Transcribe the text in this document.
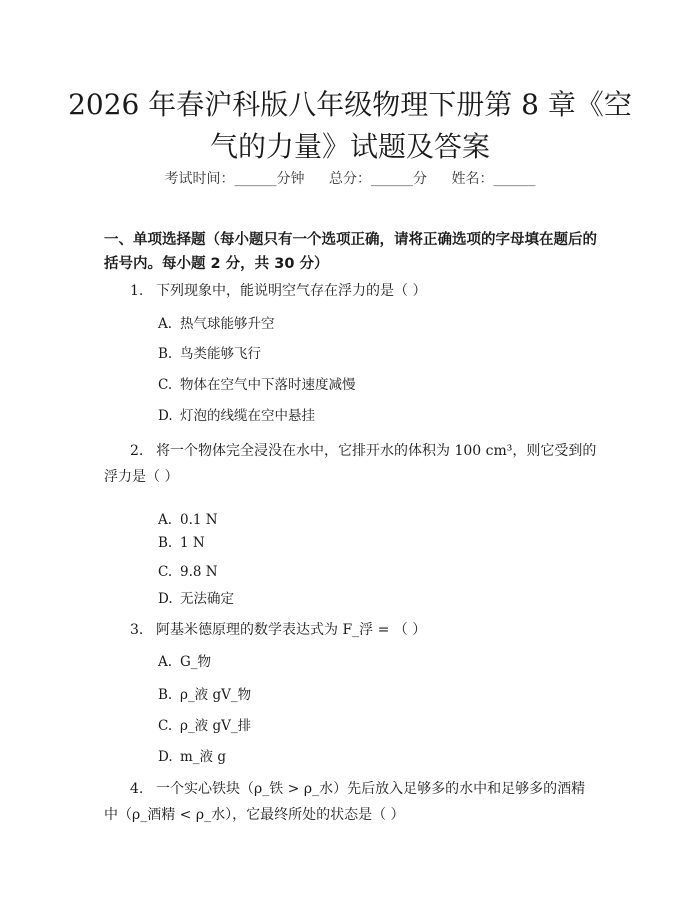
2026 年春沪科版八年级物理下册第 8 章《空气的力量》试题及答案
考试时间：______分钟 总分：______分 姓名：______
一、单项选择题（每小题只有一个选项正确，请将正确选项的字母填在题后的括号内。每小题 2 分，共 30 分）
1. 下列现象中，能说明空气存在浮力的是（ ）
A. 热气球能够升空
B. 鸟类能够飞行
C. 物体在空气中下落时速度减慢
D. 灯泡的线缆在空中悬挂
2. 将一个物体完全浸没在水中，它排开水的体积为 100 cm³，则它受到的浮力是（ ）
A. 0.1 N
B. 1 N
C. 9.8 N
D. 无法确定
3. 阿基米德原理的数学表达式为 F_浮 = （ ）
A. G_物
B. ρ_液 gV_物
C. ρ_液 gV_排
D. m_液 g
4. 一个实心铁块（ρ_铁 > ρ_水）先后放入足够多的水中和足够多的酒精中（ρ_酒精 < ρ_水），它最终所处的状态是（ ）
